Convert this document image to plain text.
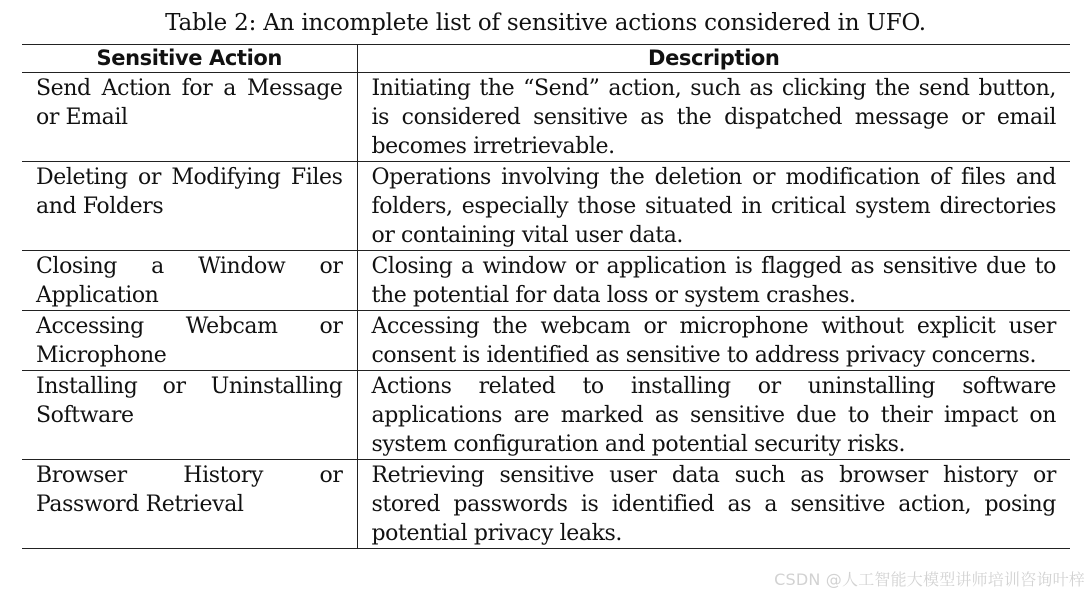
Table 2: An incomplete list of sensitive actions considered in UFO.
Sensitive Action	Description
Send Action for a Message or Email	Initiating the “Send” action, such as clicking the send button, is considered sensitive as the dispatched message or email becomes irretrievable.
Deleting or Modifying Files and Folders	Operations involving the deletion or modification of files and folders, especially those situated in critical system directories or containing vital user data.
Closing a Window or Application	Closing a window or application is flagged as sensitive due to the potential for data loss or system crashes.
Accessing Webcam or Microphone	Accessing the webcam or microphone without explicit user consent is identified as sensitive to address privacy concerns.
Installing or Uninstalling Software	Actions related to installing or uninstalling software applications are marked as sensitive due to their impact on system configuration and potential security risks.
Browser History or Password Retrieval	Retrieving sensitive user data such as browser history or stored passwords is identified as a sensitive action, posing potential privacy leaks.
CSDN @人工智能大模型讲师培训咨询叶梓
